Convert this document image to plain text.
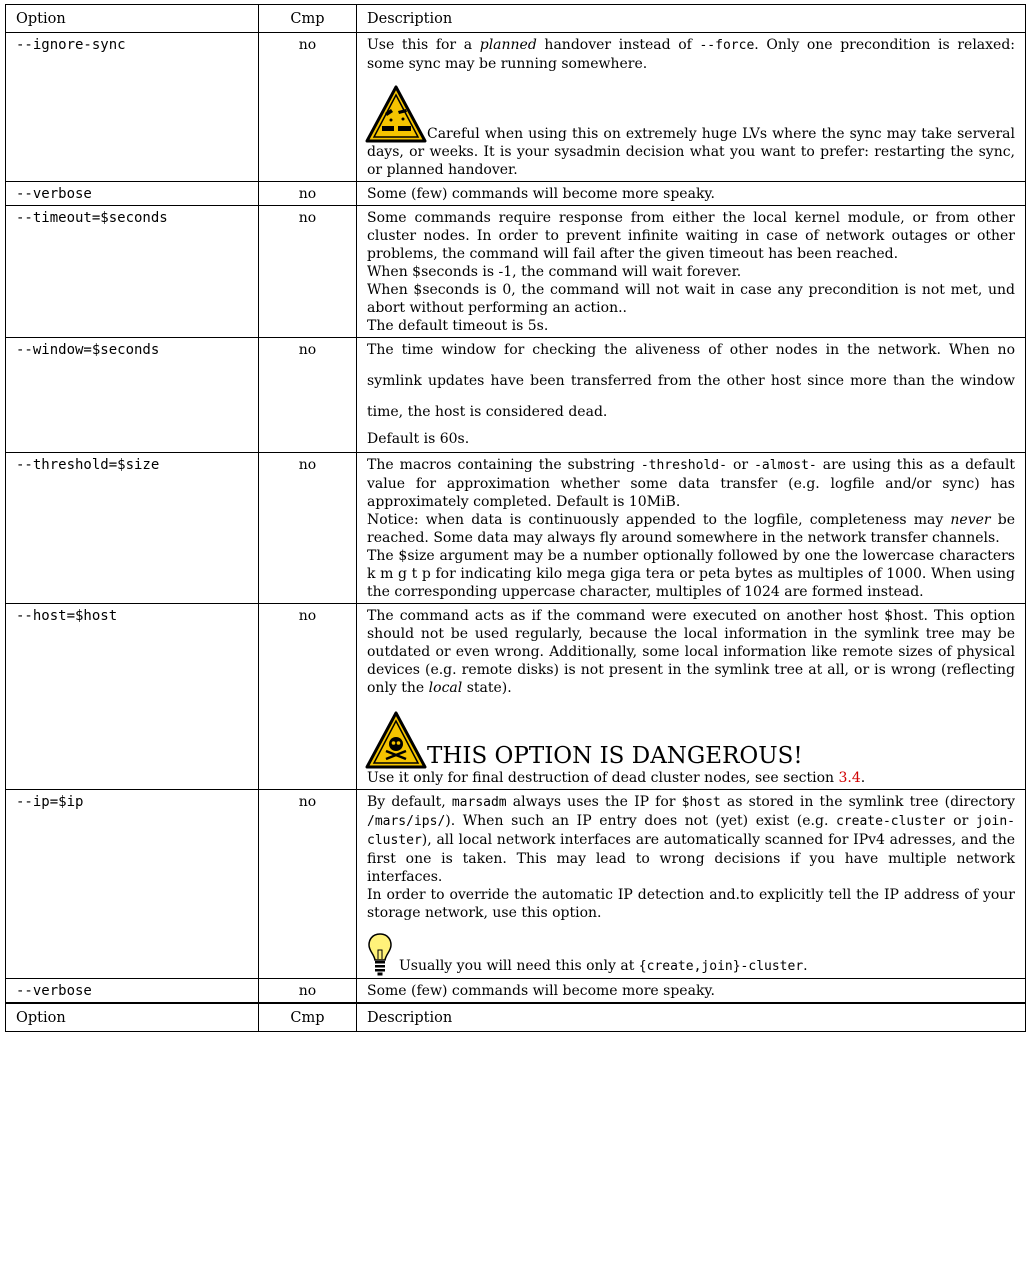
Option	Cmp	Description
--ignore-sync	no	Use this for a planned handover instead of --force. Only one precondition is relaxed: some sync may be running somewhere.

Careful when using this on extremely huge LVs where the sync may take serveral days, or weeks. It is your sysadmin decision what you want to prefer: restarting the sync, or planned handover.

--verbose	no	Some (few) commands will become more speaky.

--timeout=$seconds	no	Some commands require response from either the local kernel module, or from other cluster nodes. In order to prevent infinite waiting in case of network outages or other problems, the command will fail after the given timeout has been reached.

When $seconds is -1, the command will wait forever.

When $seconds is 0, the command will not wait in case any precondition is not met, und abort without performing an action..

The default timeout is 5s.

--window=$seconds	no	The time window for checking the aliveness of other nodes in the network. When no symlink updates have been transferred from the other host since more than the window time, the host is considered dead.

Default is 60s.

--threshold=$size	no	The macros containing the substring -threshold- or -almost- are using this as a default value for approximation whether some data transfer (e.g. logfile and/or sync) has approximately completed. Default is 10MiB.

Notice: when data is continuously appended to the logfile, completeness may never be reached. Some data may always fly around somewhere in the network transfer channels.

The $size argument may be a number optionally followed by one the lowercase characters k m g t p for indicating kilo mega giga tera or peta bytes as multiples of 1000. When using the corresponding uppercase character, multiples of 1024 are formed instead.

--host=$host	no	The command acts as if the command were executed on another host $host. This option should not be used regularly, because the local information in the symlink tree may be outdated or even wrong. Additionally, some local information like remote sizes of physical devices (e.g. remote disks) is not present in the symlink tree at all, or is wrong (reflecting only the local state).

THIS OPTION IS DANGEROUS!

Use it only for final destruction of dead cluster nodes, see section 3.4.

--ip=$ip	no	By default, marsadm always uses the IP for $host as stored in the symlink tree (directory /mars/ips/). When such an IP entry does not (yet) exist (e.g. create-cluster or join-cluster), all local network interfaces are automatically scanned for IPv4 adresses, and the first one is taken. This may lead to wrong decisions if you have multiple network interfaces.

In order to override the automatic IP detection and.to explicitly tell the IP address of your storage network, use this option.

Usually you will need this only at {create,join}-cluster.

--verbose	no	Some (few) commands will become more speaky.

Option	Cmp	Description
